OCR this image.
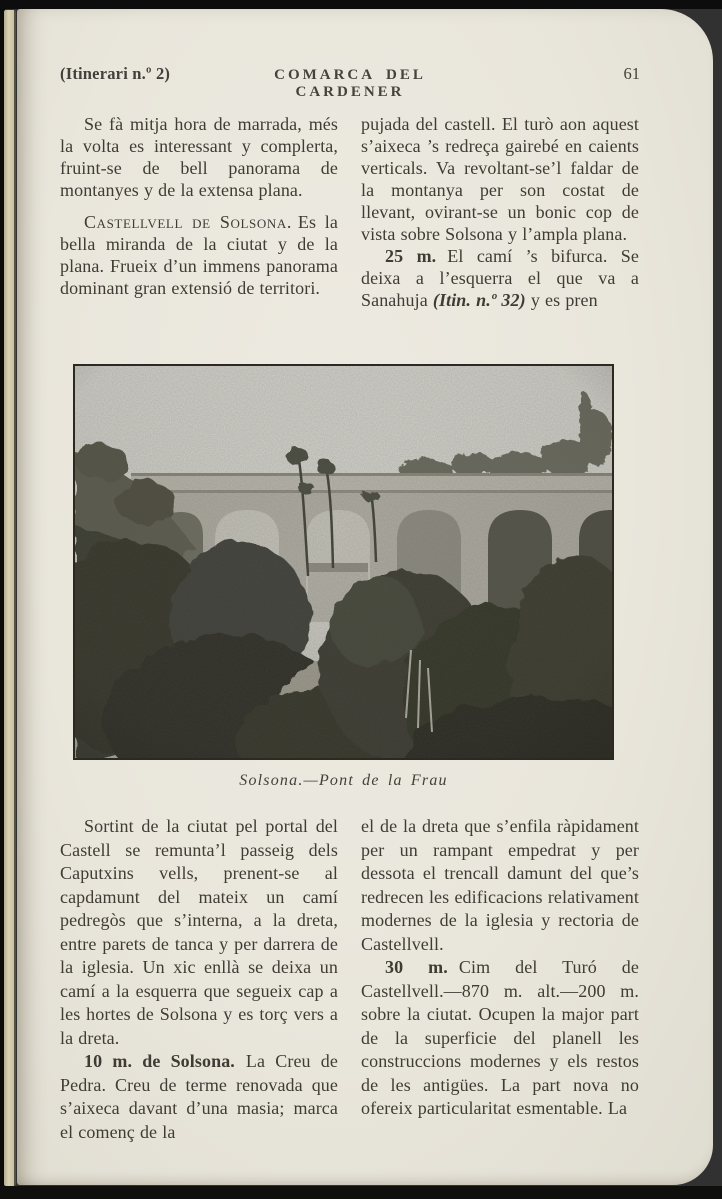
(Itinerari n.º 2)	COMARCA DEL CARDENER
61

Se fà mitja hora de marrada, més la volta es interessant y complerta, fruint-se de bell panorama de montanyes y de la extensa plana.

Castellvell de Solsona. Es la bella miranda de la ciutat y de la plana. Frueix d’un immens panorama dominant gran extensió de territori.

pujada del castell. El turò aon aquest s’aixeca ’s redreça gairebé en caients verticals. Va revoltant-se’l faldar de la montanya per son costat de llevant, ovirant-se un bonic cop de vista sobre Solsona y l’ampla plana.

25 m. El camí ’s bifurca. Se deixa a l’esquerra el que va a Sanahuja (Itin. n.º 32) y es pren

Solsona.—Pont de la Frau

Sortint de la ciutat pel portal del Castell se remunta’l passeig dels Caputxins vells, prenent-se al capdamunt del mateix un camí pedregòs que s’interna, a la dreta, entre parets de tanca y per darrera de la iglesia. Un xic enllà se deixa un camí a la esquerra que segueix cap a les hortes de Solsona y es torç vers a la dreta.

10 m. de Solsona. La Creu de Pedra. Creu de terme renovada que s’aixeca davant d’una masia; marca el començ de la

el de la dreta que s’enfila ràpidament per un rampant empedrat y per dessota el trencall damunt del que’s redrecen les edificacions relativament modernes de la iglesia y rectoria de Castellvell.

30 m. Cim del Turó de Castellvell.—870 m. alt.—200 m. sobre la ciutat. Ocupen la major part de la superficie del planell les construccions modernes y els restos de les antigües. La part nova no ofereix particularitat esmentable. La
